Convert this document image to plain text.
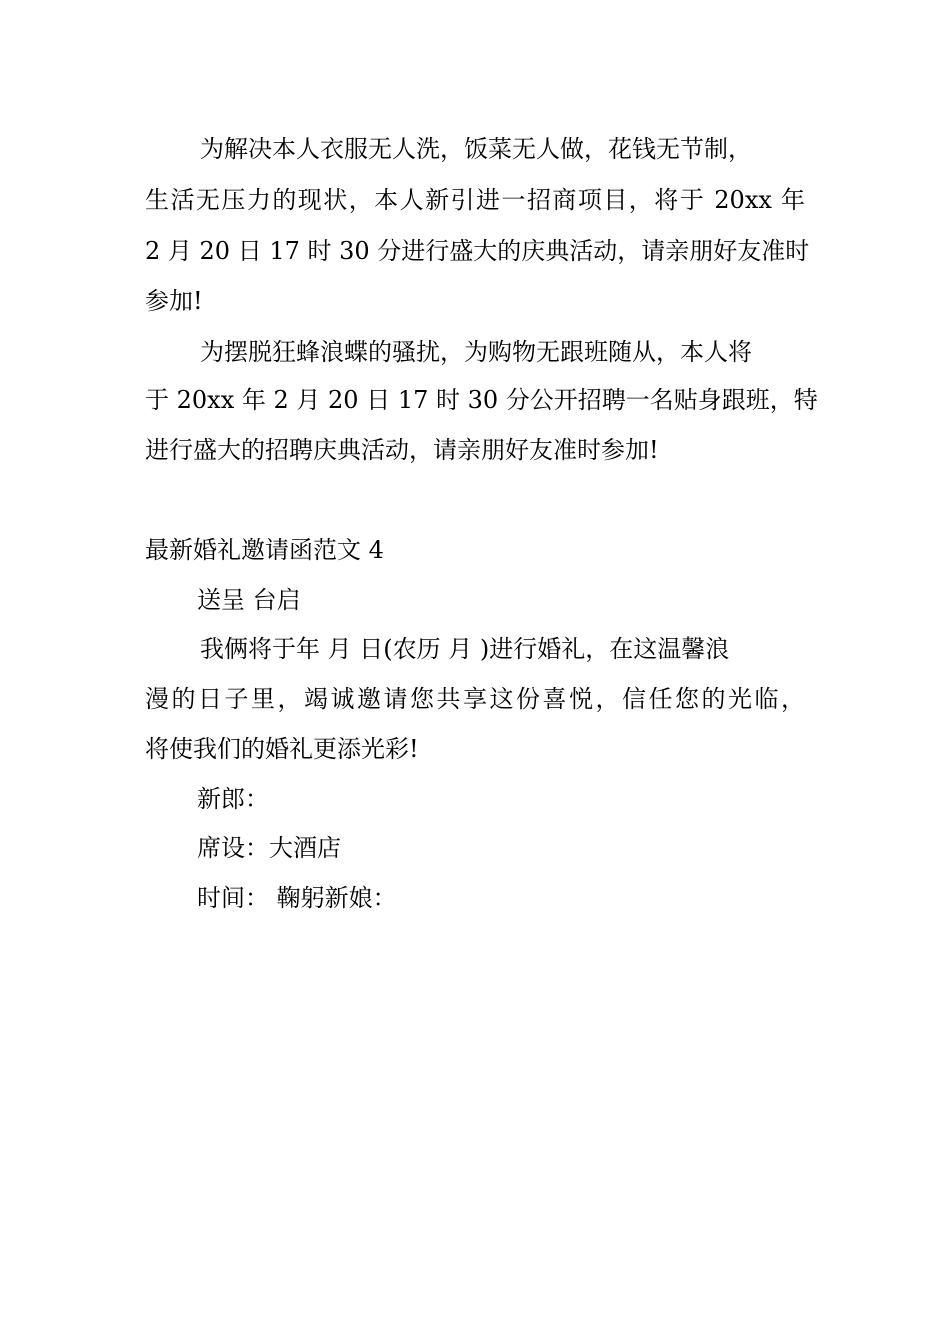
为解决本人衣服无人洗，饭菜无人做，花钱无节制，
生活无压力的现状，本人新引进一招商项目，将于 20xx 年
2 月 20 日 17 时 30 分进行盛大的庆典活动，请亲朋好友准时
参加!
为摆脱狂蜂浪蝶的骚扰，为购物无跟班随从，本人将
于 20xx 年 2 月 20 日 17 时 30 分公开招聘一名贴身跟班，特
进行盛大的招聘庆典活动，请亲朋好友准时参加!
最新婚礼邀请函范文 4
送呈 台启
我俩将于年 月 日(农历 月 )进行婚礼，在这温馨浪
漫的日子里，竭诚邀请您共享这份喜悦，信任您的光临，
将使我们的婚礼更添光彩!
新郎：
席设：大酒店
时间： 鞠躬新娘：
